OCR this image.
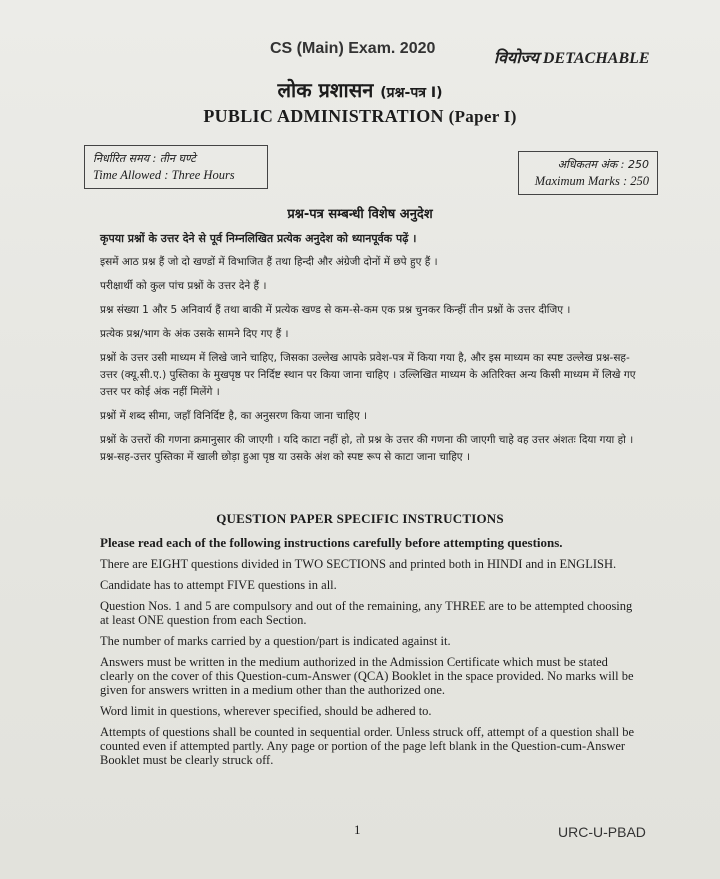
CS (Main) Exam. 2020
वियोज्य DETACHABLE
लोक प्रशासन (प्रश्न-पत्र I)
PUBLIC ADMINISTRATION (Paper I)
निर्धारित समय : तीन घण्टे
Time Allowed : Three Hours
अधिकतम अंक : 250
Maximum Marks : 250
प्रश्न-पत्र सम्बन्धी विशेष अनुदेश

कृपया प्रश्नों के उत्तर देने से पूर्व निम्नलिखित प्रत्येक अनुदेश को ध्यानपूर्वक पढ़ें ।

इसमें आठ प्रश्न हैं जो दो खण्डों में विभाजित हैं तथा हिन्दी और अंग्रेजी दोनों में छपे हुए हैं ।

परीक्षार्थी को कुल पांच प्रश्नों के उत्तर देने हैं ।

प्रश्न संख्या 1 और 5 अनिवार्य हैं तथा बाकी में प्रत्येक खण्ड से कम-से-कम एक प्रश्न चुनकर किन्हीं तीन प्रश्नों के उत्तर दीजिए ।

प्रत्येक प्रश्न/भाग के अंक उसके सामने दिए गए हैं ।

प्रश्नों के उत्तर उसी माध्यम में लिखे जाने चाहिए, जिसका उल्लेख आपके प्रवेश-पत्र में किया गया है, और इस माध्यम का स्पष्ट उल्लेख प्रश्न-सह-उत्तर (क्यू.सी.ए.) पुस्तिका के मुखपृष्ठ पर निर्दिष्ट स्थान पर किया जाना चाहिए । उल्लिखित माध्यम के अतिरिक्त अन्य किसी माध्यम में लिखे गए उत्तर पर कोई अंक नहीं मिलेंगे ।

प्रश्नों में शब्द सीमा, जहाँ विनिर्दिष्ट है, का अनुसरण किया जाना चाहिए ।

प्रश्नों के उत्तरों की गणना क्रमानुसार की जाएगी । यदि काटा नहीं हो, तो प्रश्न के उत्तर की गणना की जाएगी चाहे वह उत्तर अंशतः दिया गया हो । प्रश्न-सह-उत्तर पुस्तिका में खाली छोड़ा हुआ पृष्ठ या उसके अंश को स्पष्ट रूप से काटा जाना चाहिए ।

QUESTION PAPER SPECIFIC INSTRUCTIONS

Please read each of the following instructions carefully before attempting questions.

There are EIGHT questions divided in TWO SECTIONS and printed both in HINDI and in ENGLISH.

Candidate has to attempt FIVE questions in all.

Question Nos. 1 and 5 are compulsory and out of the remaining, any THREE are to be attempted choosing at least ONE question from each Section.

The number of marks carried by a question/part is indicated against it.

Answers must be written in the medium authorized in the Admission Certificate which must be stated clearly on the cover of this Question-cum-Answer (QCA) Booklet in the space provided. No marks will be given for answers written in a medium other than the authorized one.

Word limit in questions, wherever specified, should be adhered to.

Attempts of questions shall be counted in sequential order. Unless struck off, attempt of a question shall be counted even if attempted partly. Any page or portion of the page left blank in the Question-cum-Answer Booklet must be clearly struck off.

1	URC-U-PBAD
